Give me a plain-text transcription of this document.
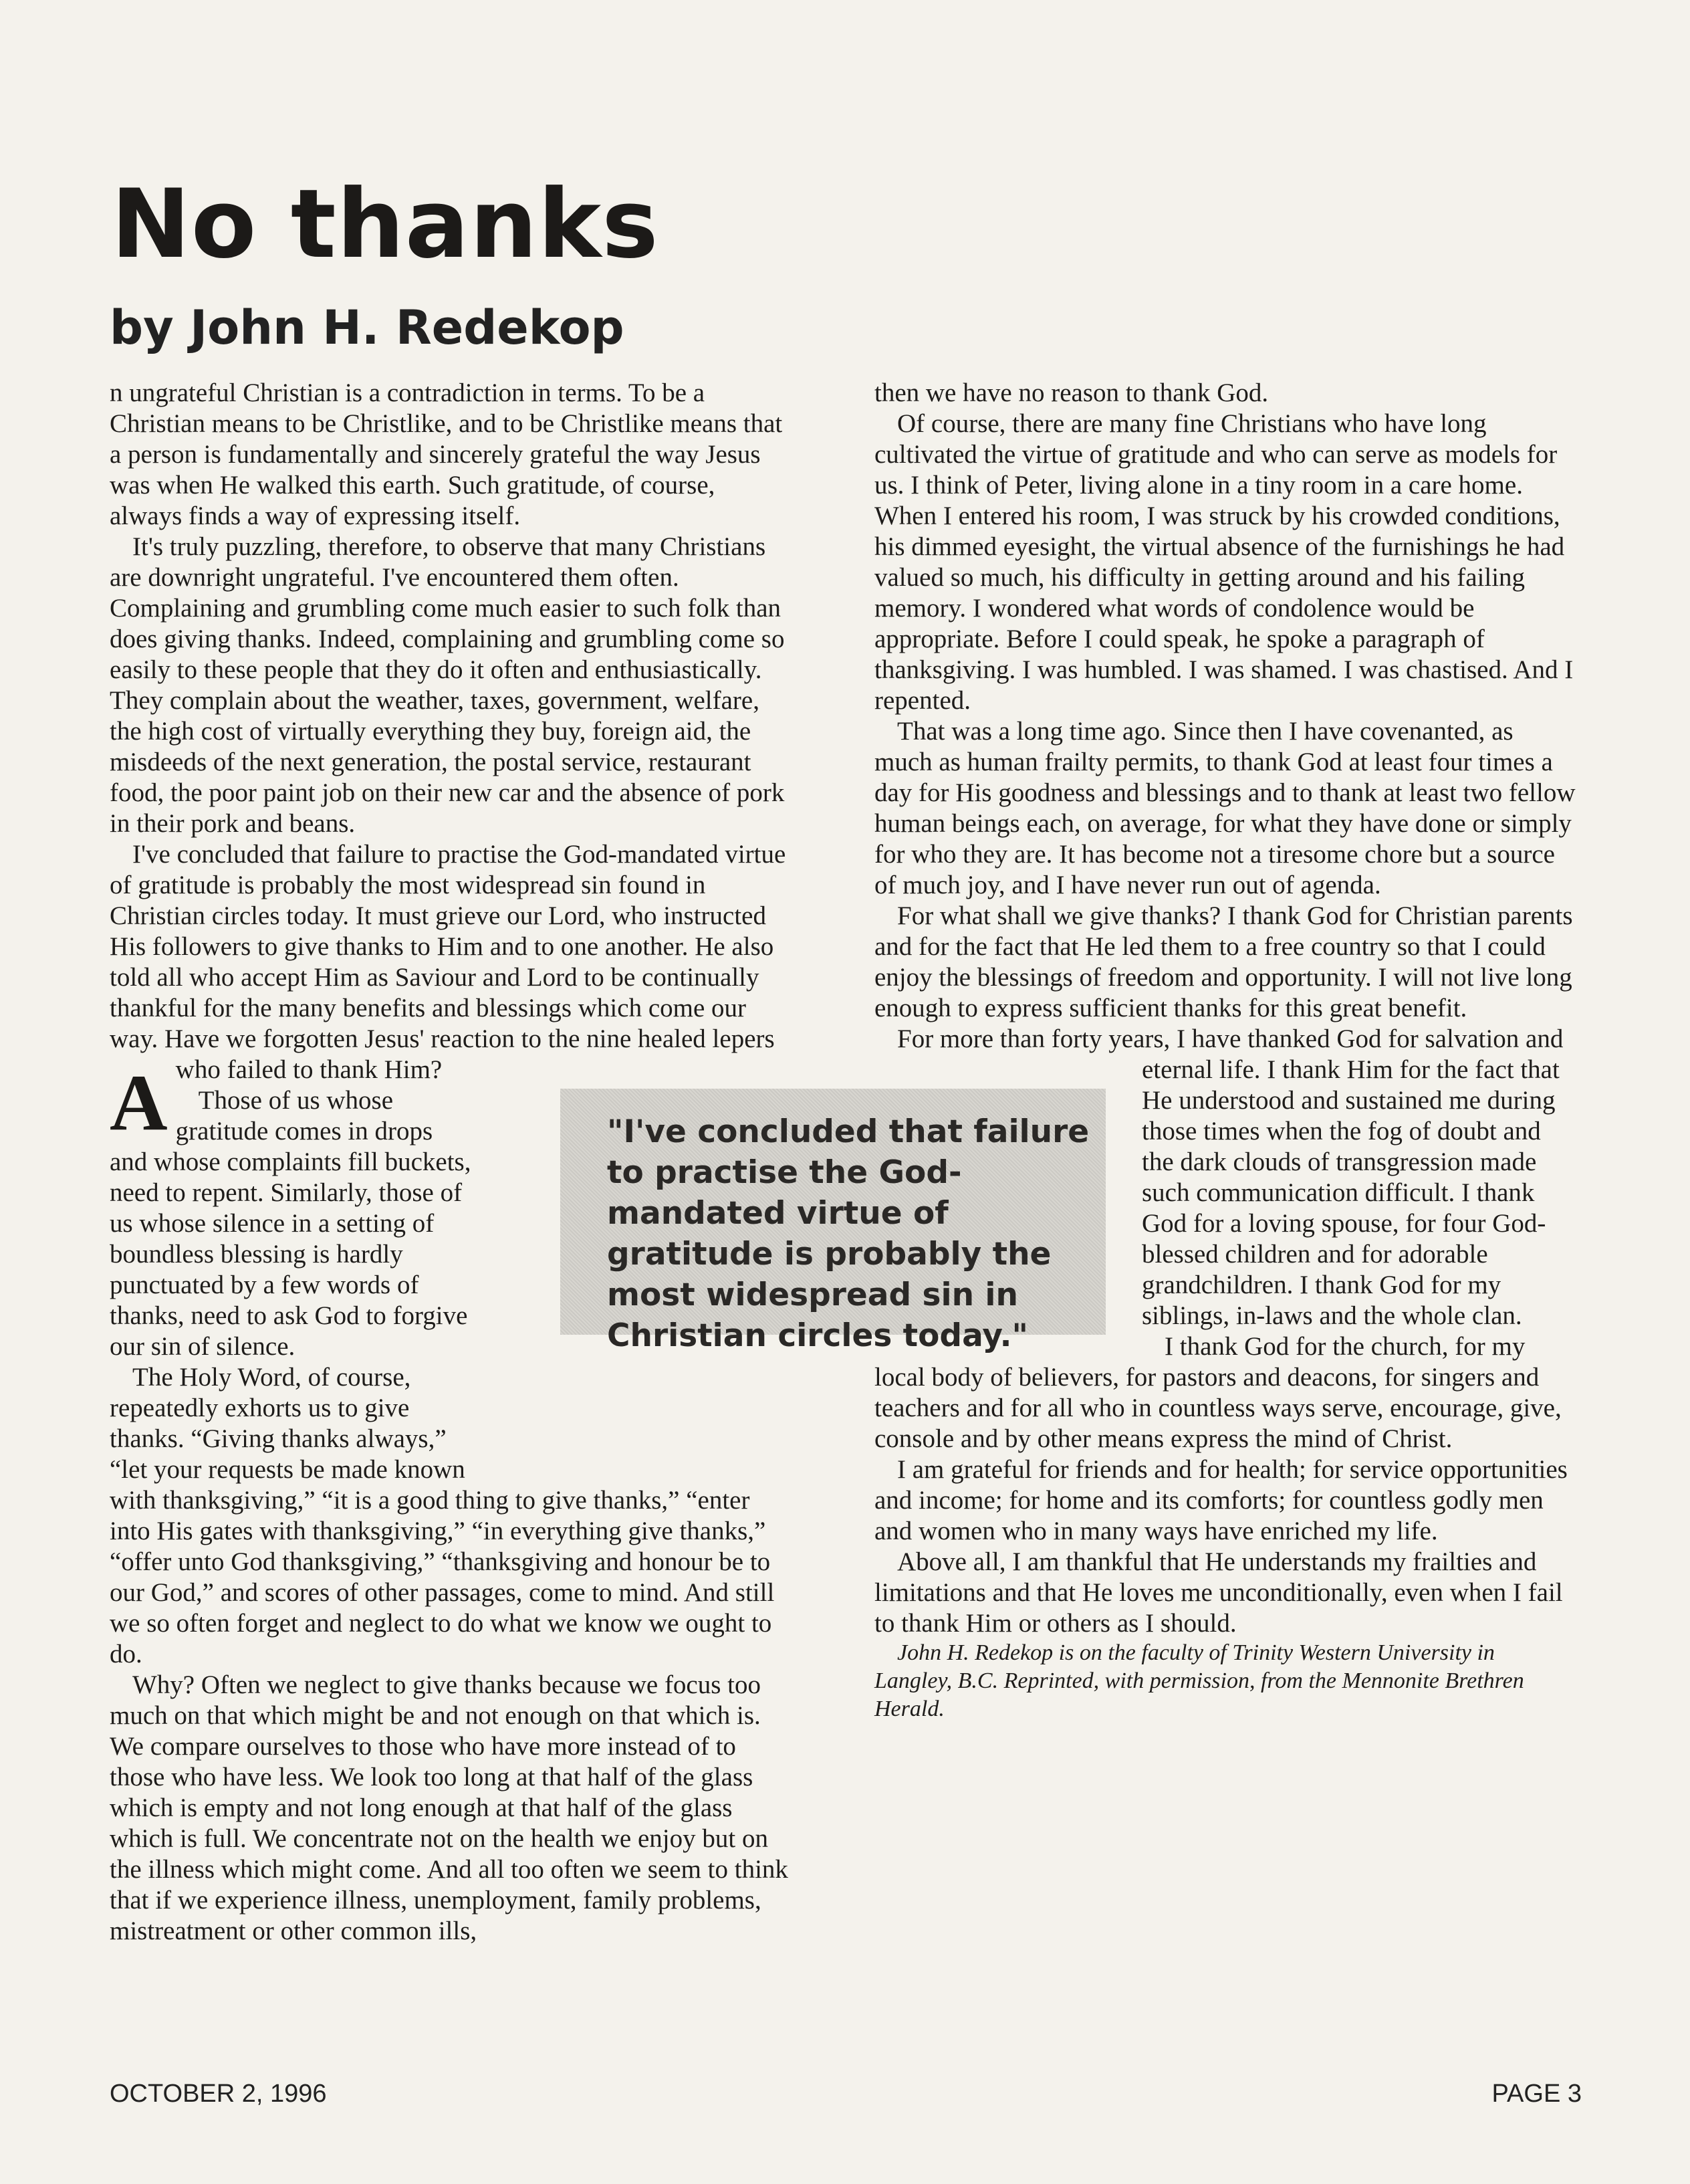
No thanks
by John H. Redekop

A
n ungrateful Christian is a contradiction in terms. To be a Christian means to be Christlike, and to be Christlike means that a person is fundamentally and sincerely grateful the way Jesus was when He walked this earth. Such gratitude, of course, always finds a way of expressing itself.

It's truly puzzling, therefore, to observe that many Christians are downright ungrateful. I've encountered them often. Complaining and grumbling come much easier to such folk than does giving thanks. Indeed, complaining and grumbling come so easily to these people that they do it often and enthusiastically. They complain about the weather, taxes, government, welfare, the high cost of virtually everything they buy, foreign aid, the misdeeds of the next generation, the postal service, restaurant food, the poor paint job on their new car and the absence of pork in their pork and beans.

I've concluded that failure to practise the God-mandated virtue of gratitude is probably the most widespread sin found in Christian circles today. It must grieve our Lord, who instructed His followers to give thanks to Him and to one another. He also told all who accept Him as Saviour and Lord to be continually thankful for the many benefits and blessings which come our way. Have we forgotten Jesus' reaction to the nine healed lepers who failed to thank Him?

Those of us whose gratitude comes in drops and whose complaints fill buckets, need to repent. Similarly, those of us whose silence in a setting of boundless blessing is hardly punctuated by a few words of thanks, need to ask God to forgive our sin of silence.

The Holy Word, of course, repeatedly exhorts us to give thanks. “Giving thanks always,” “let your requests be made known with thanksgiving,” “it is a good thing to give thanks,” “enter into His gates with thanksgiving,” “in everything give thanks,” “offer unto God thanksgiving,” “thanksgiving and honour be to our God,” and scores of other passages, come to mind. And still we so often forget and neglect to do what we know we ought to do.

Why? Often we neglect to give thanks because we focus too much on that which might be and not enough on that which is. We compare ourselves to those who have more instead of to those who have less. We look too long at that half of the glass which is empty and not long enough at that half of the glass which is full. We concentrate not on the health we enjoy but on the illness which might come. And all too often we seem to think that if we experience illness, unemployment, family problems, mistreatment or other common ills,

then we have no reason to thank God.

Of course, there are many fine Christians who have long cultivated the virtue of gratitude and who can serve as models for us. I think of Peter, living alone in a tiny room in a care home. When I entered his room, I was struck by his crowded conditions, his dimmed eyesight, the virtual absence of the furnishings he had valued so much, his difficulty in getting around and his failing memory. I wondered what words of condolence would be appropriate. Before I could speak, he spoke a paragraph of thanksgiving. I was humbled. I was shamed. I was chastised. And I repented.

That was a long time ago. Since then I have covenanted, as much as human frailty permits, to thank God at least four times a day for His goodness and blessings and to thank at least two fellow human beings each, on average, for what they have done or simply for who they are. It has become not a tiresome chore but a source of much joy, and I have never run out of agenda.

For what shall we give thanks? I thank God for Christian parents and for the fact that He led them to a free country so that I could enjoy the blessings of freedom and opportunity. I will not live long enough to express sufficient thanks for this great benefit.

For more than forty years, I have thanked God for salvation and eternal life. I thank Him for the fact that He understood and sustained me during those times when the fog of doubt and the dark clouds of transgression made such communication difficult. I thank God for a loving spouse, for four God-blessed children and for adorable grandchildren. I thank God for my siblings, in-laws and the whole clan.

I thank God for the church, for my local body of believers, for pastors and deacons, for singers and teachers and for all who in countless ways serve, encourage, give, console and by other means express the mind of Christ.

I am grateful for friends and for health; for service opportunities and income; for home and its comforts; for countless godly men and women who in many ways have enriched my life.

Above all, I am thankful that He understands my frailties and limitations and that He loves me unconditionally, even when I fail to thank Him or others as I should.

John H. Redekop is on the faculty of Trinity Western University in Langley, B.C. Reprinted, with permission, from the Mennonite Brethren Herald.

"I've concluded that failure to practise the God-mandated virtue of gratitude is probably the most widespread sin in Christian circles today."
OCTOBER 2, 1996	PAGE 3
